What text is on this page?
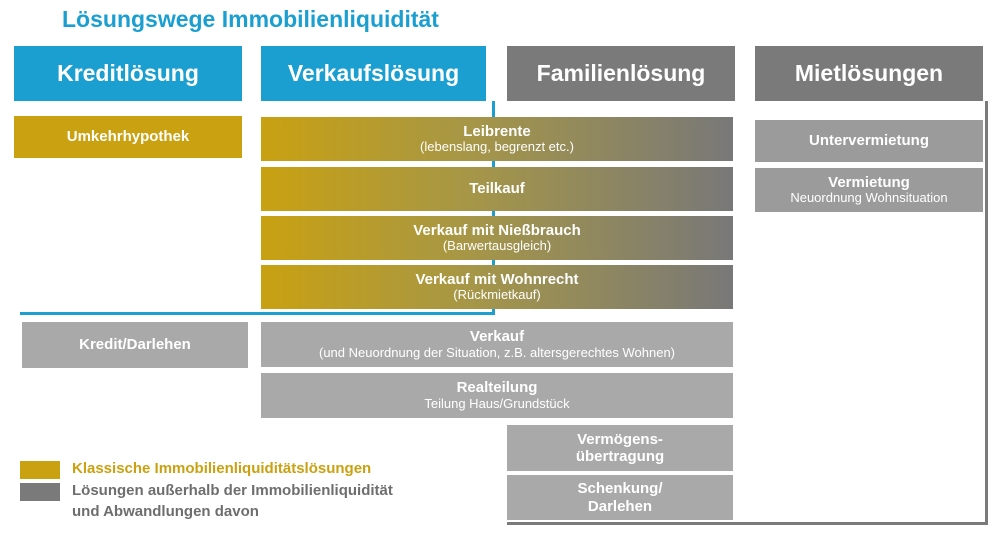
Lösungswege Immobilienliquidität
Kreditlösung	Verkaufslösung	Familienlösung	Mietlösungen
Umkehrhypothek
Kredit/Darlehen
Leibrente
(lebenslang, begrenzt etc.)
Teilkauf
Verkauf mit Nießbrauch
(Barwertausgleich)
Verkauf mit Wohnrecht
(Rückmietkauf)
Verkauf
(und Neuordnung der Situation, z.B. altersgerechtes Wohnen)
Realteilung
Teilung Haus/Grundstück
Vermögens-
übertragung
Schenkung/
Darlehen
Untervermietung
Vermietung
Neuordnung Wohnsituation
Klassische Immobilienliquiditätslösungen
Lösungen außerhalb der Immobilienliquidität
und Abwandlungen davon
